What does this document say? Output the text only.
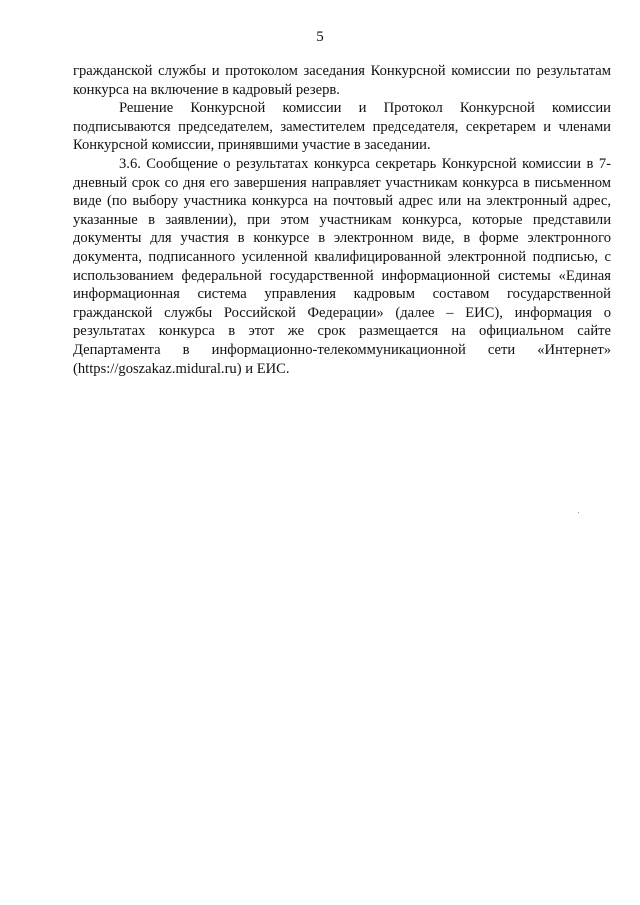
5

гражданской службы и протоколом заседания Конкурсной комиссии по результатам конкурса на включение в кадровый резерв.

Решение Конкурсной комиссии и Протокол Конкурсной комиссии подписываются председателем, заместителем председателя, секретарем и членами Конкурсной комиссии, принявшими участие в заседании.

3.6. Сообщение о результатах конкурса секретарь Конкурсной комиссии в 7-дневный срок со дня его завершения направляет участникам конкурса в письменном виде (по выбору участника конкурса на почтовый адрес или на электронный адрес, указанные в заявлении), при этом участникам конкурса, которые представили документы для участия в конкурсе в электронном виде, в форме электронного документа, подписанного усиленной квалифицированной электронной подписью, с использованием федеральной государственной информационной системы «Единая информационная система управления кадровым составом государственной гражданской службы Российской Федерации» (далее – ЕИС), информация о результатах конкурса в этот же срок размещается на официальном сайте Департамента в информационно-телекоммуникационной сети «Интернет» (https://goszakaz.midural.ru) и ЕИС.
